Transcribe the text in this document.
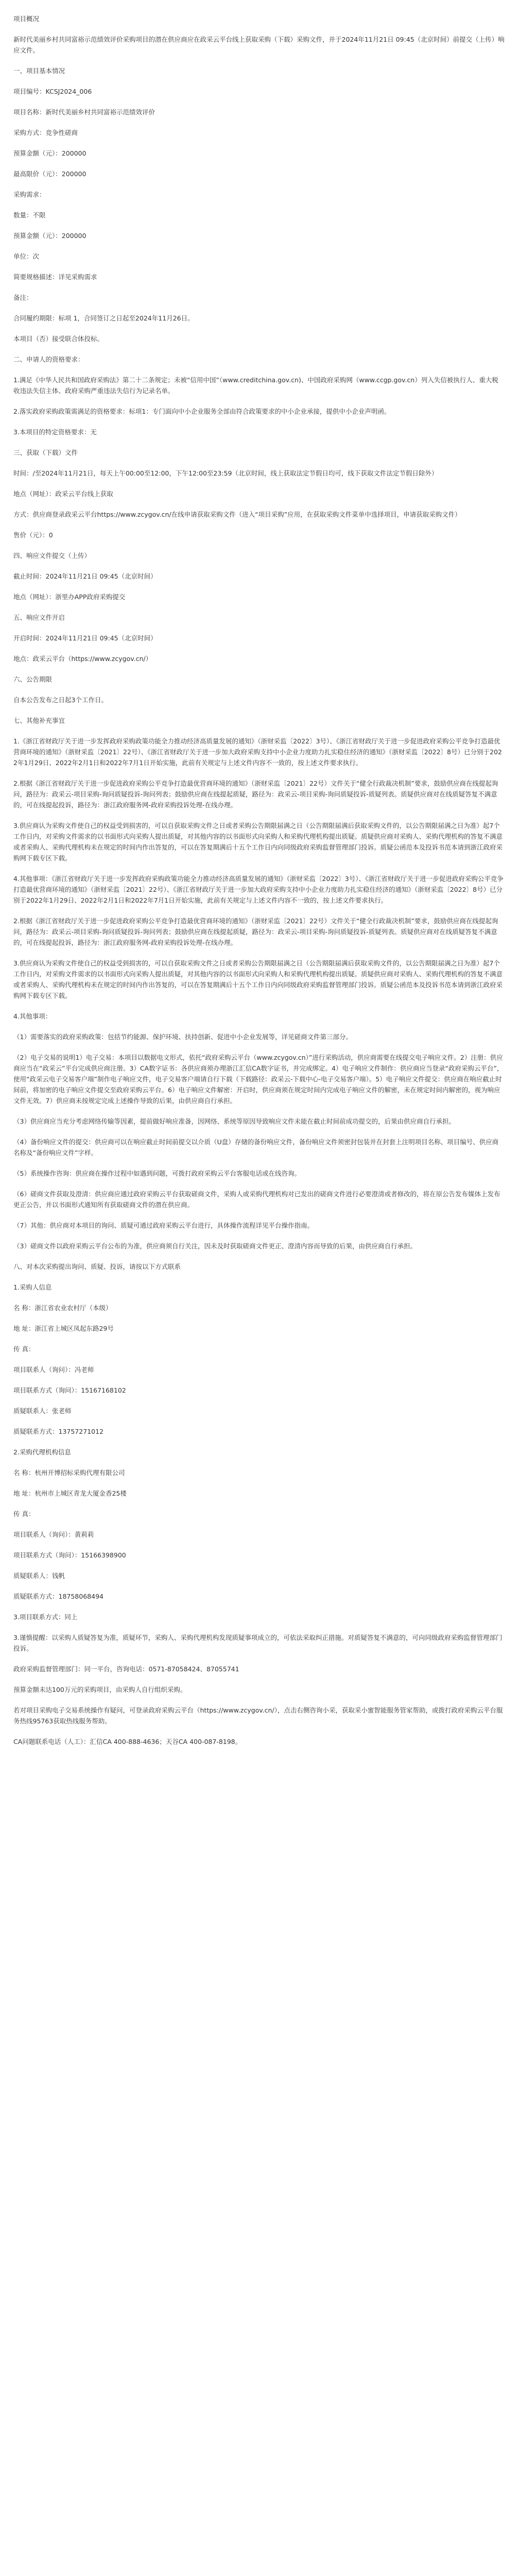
项目概况
新时代美丽乡村共同富裕示范绩效评价采购项目的潜在供应商应在政采云平台线上获取采购（下载）采购文件，并于2024年11月21日 09:45（北京时间）前提交（上传）响应文件。
一、项目基本情况
项目编号：KCSJ2024_006
项目名称：新时代美丽乡村共同富裕示范绩效评价
采购方式：竞争性磋商
预算金额（元）：200000
最高限价（元）：200000
采购需求：
数量：不限
预算金额（元）：200000
单位：次
简要规格描述：详见采购需求
备注：
合同履约期限：标项 1，合同签订之日起至2024年11月26日。
本项目（否）接受联合体投标。
二、申请人的资格要求：
1.满足《中华人民共和国政府采购法》第二十二条规定；未被“信用中国”（www.creditchina.gov.cn)、中国政府采购网（www.ccgp.gov.cn）列入失信被执行人、重大税收违法失信主体、政府采购严重违法失信行为记录名单。
2.落实政府采购政策需满足的资格要求：标项1：专门面向中小企业服务全部由符合政策要求的中小企业承接，提供中小企业声明函。
3.本项目的特定资格要求：无
三、获取（下载）文件
时间：/至2024年11月21日，每天上午00:00至12:00，下午12:00至23:59（北京时间，线上获取法定节假日均可，线下获取文件法定节假日除外）
地点（网址）：政采云平台线上获取
方式：供应商登录政采云平台https://www.zcygov.cn/在线申请获取采购文件（进入“项目采购”应用，在获取采购文件菜单中选择项目，申请获取采购文件）
售价（元）：0
四、响应文件提交（上传）
截止时间：2024年11月21日 09:45（北京时间）
地点（网址）：浙里办APP政府采购提交
五、响应文件开启
开启时间：2024年11月21日 09:45（北京时间）
地点：政采云平台（https://www.zcygov.cn/）
六、公告期限
自本公告发布之日起3个工作日。
七、其他补充事宜
1.《浙江省财政厅关于进一步发挥政府采购政策功能全力推动经济高质量发展的通知》（浙财采监〔2022〕3号）、《浙江省财政厅关于进一步促进政府采购公平竞争打造最优营商环境的通知》（浙财采监〔2021〕22号）、《浙江省财政厅关于进一步加大政府采购支持中小企业力度助力扎实稳住经济的通知》（浙财采监〔2022〕8号）已分别于2022年1月29日、2022年2月1日和2022年7月1日开始实施，此前有关规定与上述文件内容不一致的，按上述文件要求执行。
2.根据《浙江省财政厅关于进一步促进政府采购公平竞争打造最优营商环境的通知》（浙财采监〔2021〕22号）文件关于“健全行政裁决机制”要求，鼓励供应商在线提起询问，路径为：政采云-项目采购-询问质疑投诉-询问列表；鼓励供应商在线提起质疑，路径为：政采云-项目采购-询问质疑投诉-质疑列表。质疑供应商对在线质疑答复不满意的，可在线提起投诉，路径为：浙江政府服务网-政府采购投诉处理-在线办理。
3.供应商认为采购文件使自己的权益受到损害的，可以自获取采购文件之日或者采购公告期限届满之日（公告期限届满后获取采购文件的，以公告期限届满之日为准）起7个工作日内，对采购文件需求的以书面形式向采购人提出质疑，对其他内容的以书面形式向采购人和采购代理机构提出质疑。质疑供应商对采购人、采购代理机构的答复不满意或者采购人、采购代理机构未在规定的时间内作出答复的，可以在答复期满后十五个工作日内向同级政府采购监督管理部门投诉。质疑公函范本及投诉书范本请到浙江政府采购网下载专区下载。
4.其他事项：《浙江省财政厅关于进一步发挥政府采购政策功能全力推动经济高质量发展的通知》（浙财采监〔2022〕3号）、《浙江省财政厅关于进一步促进政府采购公平竞争打造最优营商环境的通知》（浙财采监〔2021〕22号）、《浙江省财政厅关于进一步加大政府采购支持中小企业力度助力扎实稳住经济的通知》（浙财采监〔2022〕8号）已分别于2022年1月29日、2022年2月1日和2022年7月1日开始实施，此前有关规定与上述文件内容不一致的，按上述文件要求执行。
2.根据《浙江省财政厅关于进一步促进政府采购公平竞争打造最优营商环境的通知》（浙财采监〔2021〕22号）文件关于“健全行政裁决机制”要求，鼓励供应商在线提起询问，路径为：政采云-项目采购-询问质疑投诉-询问列表；鼓励供应商在线提起质疑，路径为：政采云-项目采购-询问质疑投诉-质疑列表。质疑供应商对在线质疑答复不满意的，可在线提起投诉，路径为：浙江政府服务网-政府采购投诉处理-在线办理。
3.供应商认为采购文件使自己的权益受到损害的，可以自获取采购文件之日或者采购公告期限届满之日（公告期限届满后获取采购文件的，以公告期限届满之日为准）起7个工作日内，对采购文件需求的以书面形式向采购人提出质疑，对其他内容的以书面形式向采购人和采购代理机构提出质疑。质疑供应商对采购人、采购代理机构的答复不满意或者采购人、采购代理机构未在规定的时间内作出答复的，可以在答复期满后十五个工作日内向同级政府采购监督管理部门投诉。质疑公函范本及投诉书范本请到浙江政府采购网下载专区下载。
4.其他事项：
（1）需要落实的政府采购政策：包括节约能源、保护环境、扶持创新、促进中小企业发展等，详见磋商文件第三部分。
（2）电子交易的说明1）电子交易：本项目以数据电文形式，依托“政府采购云平台（www.zcygov.cn）”进行采购活动，供应商需要在线提交电子响应文件。2）注册：供应商应当在“政采云”平台完成供应商注册。3）CA数字证书：各供应商须办理浙江汇信CA数字证书，并完成绑定。4）电子响应文件制作：供应商应当登录“政府采购云平台”，使用“政采云电子交易客户端”制作电子响应文件，电子交易客户端请自行下载（下载路径：政采云-下载中心-电子交易客户端）。5）电子响应文件提交：供应商在响应截止时间前，将加密的电子响应文件提交至政府采购云平台。6）电子响应文件解密：开启时，供应商须在规定时间内完成电子响应文件的解密，未在规定时间内解密的，视为响应文件无效。7）供应商未按规定完成上述操作导致的后果，由供应商自行承担。
（3）供应商应当充分考虑网络传输等因素，提前做好响应准备，因网络、系统等原因导致响应文件未能在截止时间前成功提交的，后果由供应商自行承担。
（4）备份响应文件的提交：供应商可以在响应截止时间前提交以介质（U盘）存储的备份响应文件，备份响应文件须密封包装并在封套上注明项目名称、项目编号、供应商名称及“备份响应文件”字样。
（5）系统操作咨询：供应商在操作过程中如遇到问题，可拨打政府采购云平台客服电话或在线咨询。
（6）磋商文件获取及澄清：供应商应通过政府采购云平台获取磋商文件，采购人或采购代理机构对已发出的磋商文件进行必要澄清或者修改的，将在原公告发布媒体上发布更正公告，并以书面形式通知所有获取磋商文件的潜在供应商。
（7）其他：供应商对本项目的询问、质疑可通过政府采购云平台进行，具体操作流程详见平台操作指南。
（3）磋商文件以政府采购云平台公布的为准，供应商须自行关注，因未及时获取磋商文件更正、澄清内容而导致的后果，由供应商自行承担。
八、对本次采购提出询问、质疑、投诉，请按以下方式联系
1.采购人信息
名 称：浙江省农业农村厅（本级）
地 址：浙江省上城区凤起东路29号
传 真：
项目联系人（询问）：冯老师
项目联系方式（询问）：15167168102
质疑联系人：张老师
质疑联系方式：13757271012
2.采购代理机构信息
名 称：杭州开博招标采购代理有限公司
地 址：杭州市上城区青龙大厦金香25楼
传 真：
项目联系人（询问）：黄莉莉
项目联系方式（询问）：15166398900
质疑联系人：钱帆
质疑联系方式：18758068494
3.项目联系方式：同上
3.谨慎提醒：以采购人质疑答复为准，质疑环节，采购人、采购代理机构发现质疑事项成立的，可依法采取纠正措施。对质疑答复不满意的，可向同级政府采购监督管理部门投诉。
政府采购监督管理部门：同一平台，咨询电话：0571-87058424、87055741
预算金额未达100万元的采购项目，由采购人自行组织采购。
若对项目采购电子交易系统操作有疑问，可登录政府采购云平台（https://www.zcygov.cn/），点击右侧咨询小采，获取采小蜜智能服务管家帮助，或拨打政府采购云平台服务热线95763获取热线服务帮助。
CA问题联系电话（人工）：汇信CA 400-888-4636；天谷CA 400-087-8198。
